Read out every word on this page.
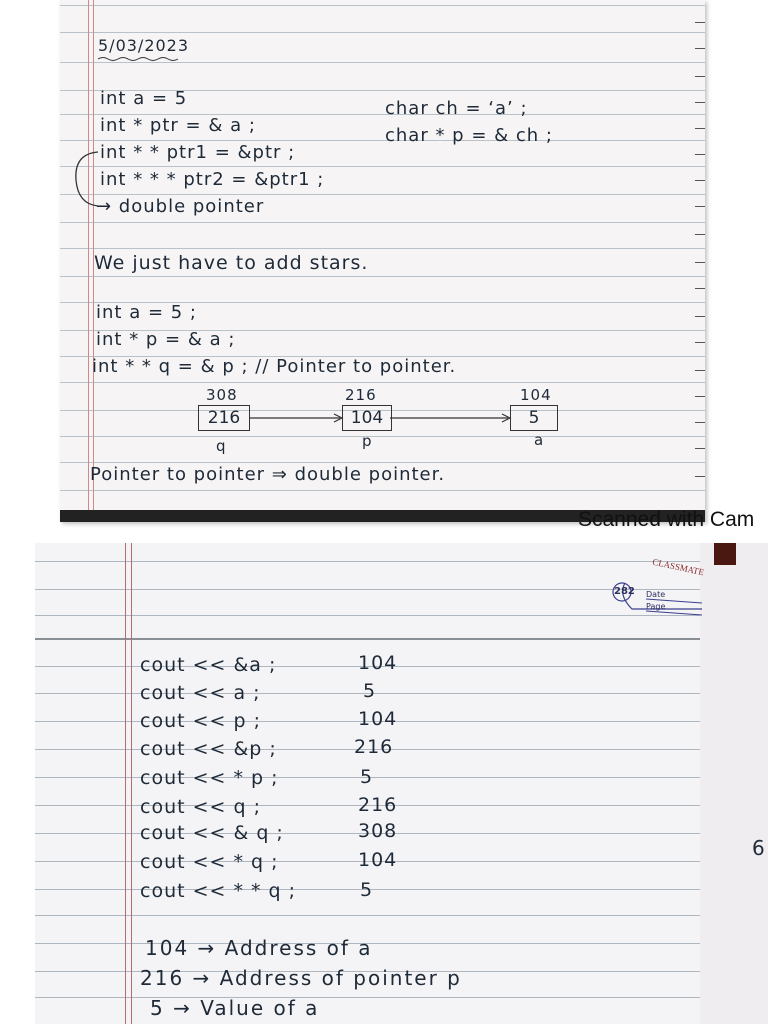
5/03/2023
int a = 5
int * ptr = & a ;
int * * ptr1 = &ptr ;
int * * * ptr2 = &ptr1 ;
→ double pointer
char ch = ‘a’ ;
char * p = & ch ;
We just have to add stars.
int a = 5 ;
int * p = & a ;
int * * q = & p ; // Pointer to pointer.
308	216	104
216	104	5
q	p	a
Pointer to pointer ⇒ double pointer.
Scanned with Cam
CLASSMATE
282 Date
Page
cout << &a ;	104
cout << a ;	5
cout << p ;	104
cout << &p ;	216
cout << * p ;	5
cout << q ;	216
cout << & q ;	308
cout << * q ;	104
cout << * * q ;	5
104 → Address of a
216 → Address of pointer p
5 → Value of a
6
